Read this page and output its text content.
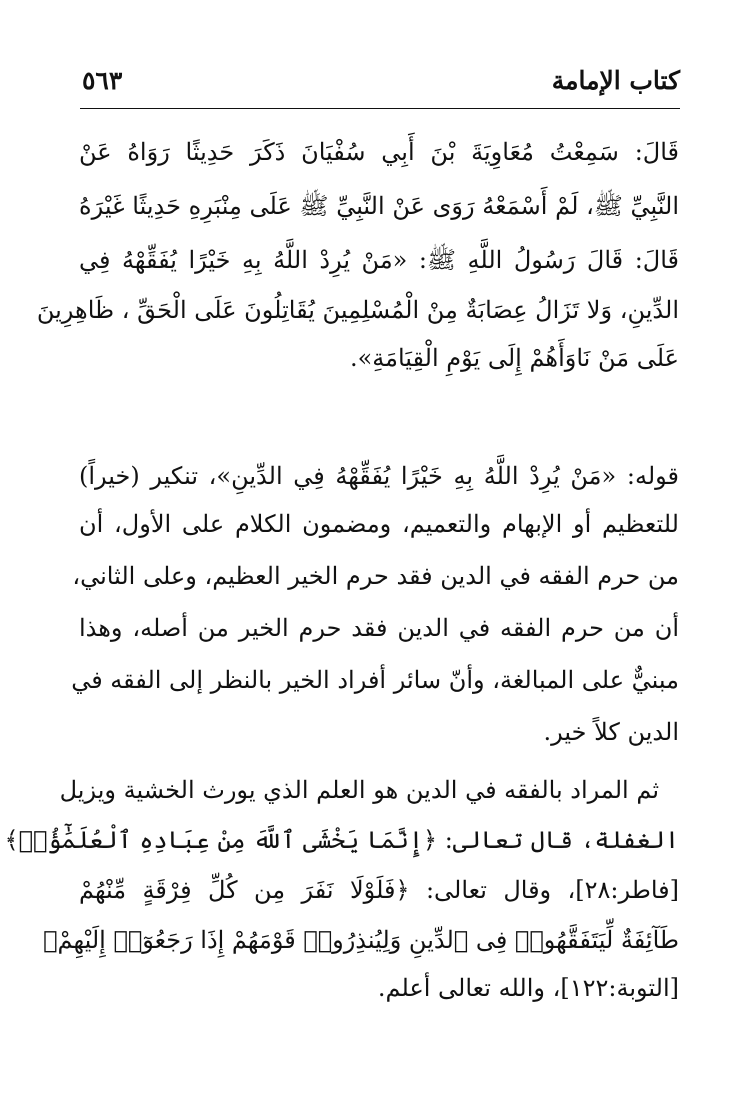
كتاب الإمامة
٥٦٣
قَالَ: سَمِعْتُ مُعَاوِيَةَ بْنَ أَبِي سُفْيَانَ ذَكَرَ حَدِيثًا رَوَاهُ عَنْ
النَّبِيِّ ﷺ، لَمْ أَسْمَعْهُ رَوَى عَنْ النَّبِيِّ ﷺ عَلَى مِنْبَرِهِ حَدِيثًا غَيْرَهُ
قَالَ: قَالَ رَسُولُ اللَّهِ ﷺ: «مَنْ يُرِدْ اللَّهُ بِهِ خَيْرًا يُفَقِّهْهُ فِي
الدِّينِ، وَلا تَزَالُ عِصَابَةٌ مِنْ الْمُسْلِمِينَ يُقَاتِلُونَ عَلَى الْحَقِّ ، ظَاهِرِينَ
عَلَى مَنْ نَاوَأَهُمْ إِلَى يَوْمِ الْقِيَامَةِ».
قوله: «مَنْ يُرِدْ اللَّهُ بِهِ خَيْرًا يُفَقِّهْهُ فِي الدِّينِ»، تنكير (خيراً)
للتعظيم أو الإبهام والتعميم، ومضمون الكلام على الأول، أن
من حرم الفقه في الدين فقد حرم الخير العظيم، وعلى الثاني،
أن من حرم الفقه في الدين فقد حرم الخير من أصله، وهذا
مبنيٌّ على المبالغة، وأنّ سائر أفراد الخير بالنظر إلى الفقه في
الدين كلاً خير.
ثم المراد بالفقه في الدين هو العلم الذي يورث الخشية ويزيل
الغفلة، قال تعالى: ﴿إِنَّمَا يَخْشَى ٱللَّهَ مِنْ عِبَادِهِ ٱلْعُلَمَٰٓؤُا۟﴾
[فاطر:٢٨]، وقال تعالى: ﴿فَلَوْلَا نَفَرَ مِن كُلِّ فِرْقَةٍ مِّنْهُمْ
طَآئِفَةٌ لِّيَتَفَقَّهُوا۟ فِى ٱلدِّينِ وَلِيُنذِرُوا۟ قَوْمَهُمْ إِذَا رَجَعُوٓا۟ إِلَيْهِمْ﴾
[التوبة:١٢٢]، والله تعالى أعلم.
